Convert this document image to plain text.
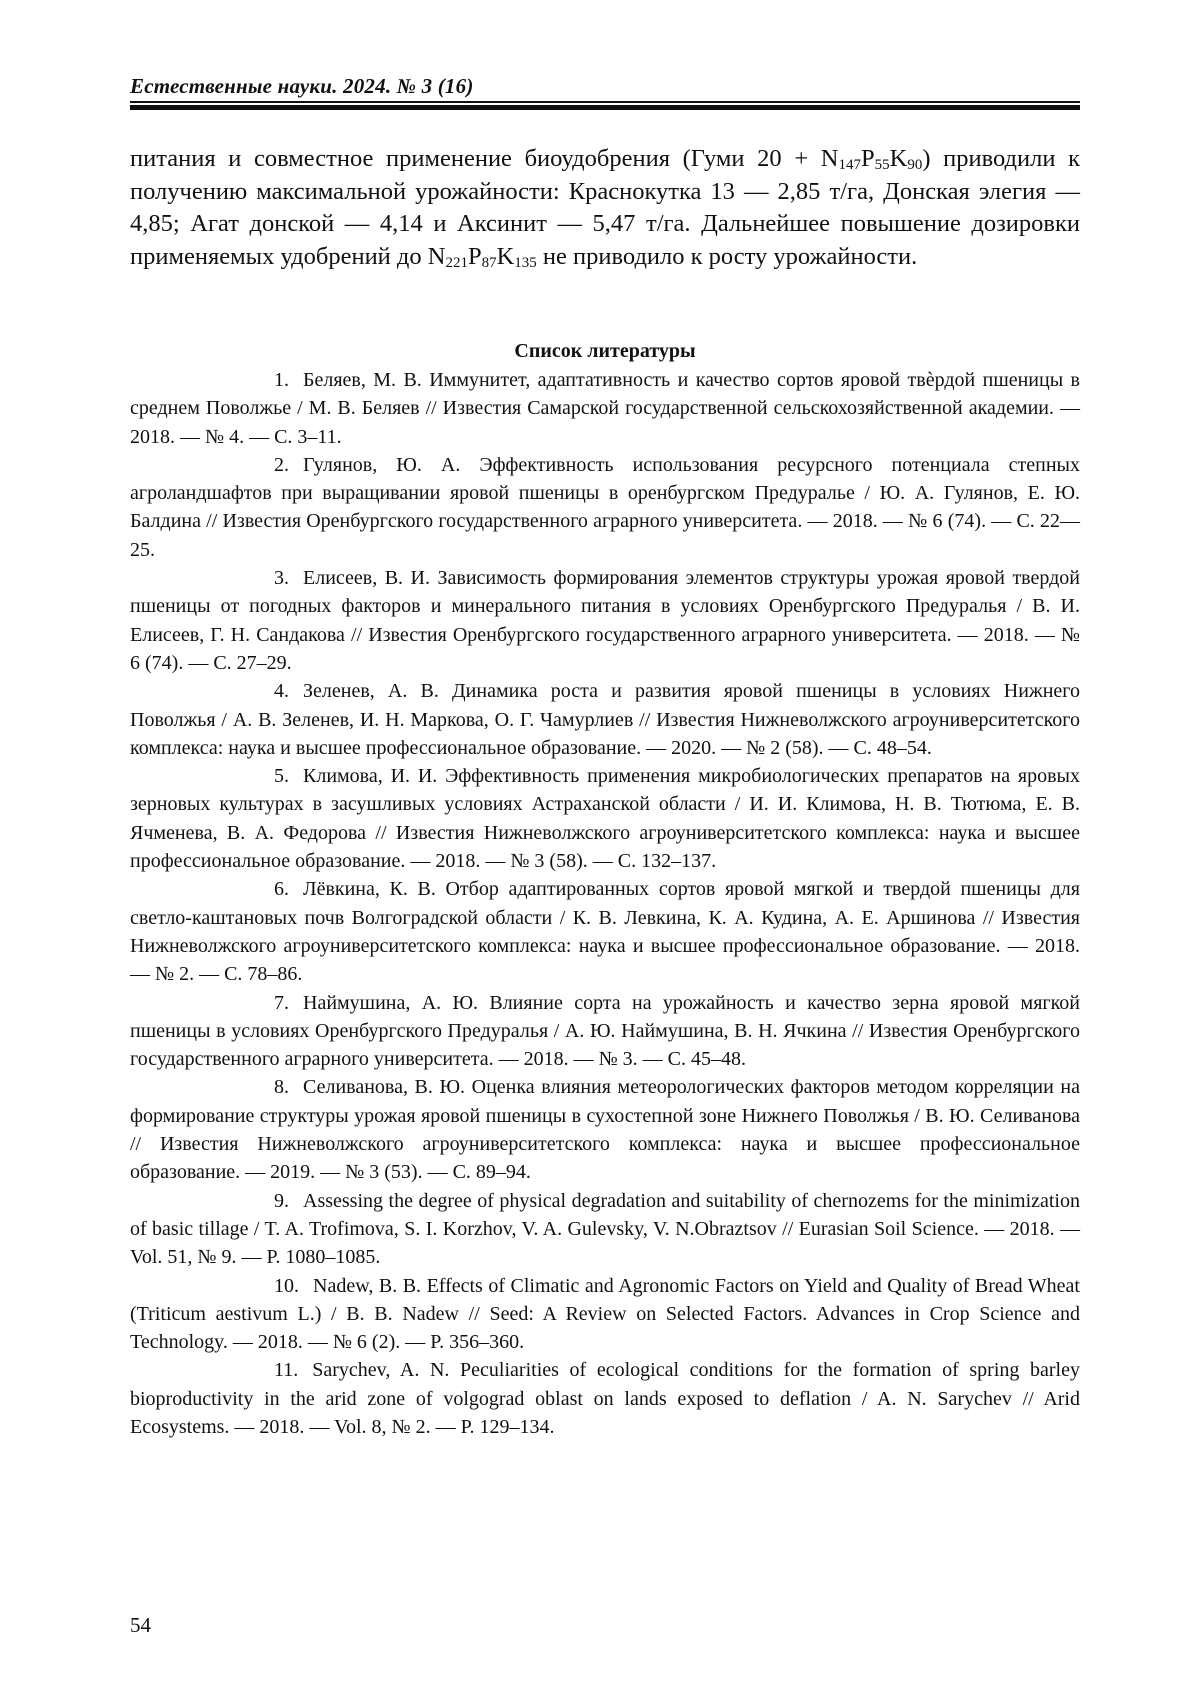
Естественные науки. 2024. № 3 (16)

питания и совместное применение биоудобрения (Гуми $20 + N_{147}P_{55}K_{90}$) приводили к получению максимальной урожайности: Краснокутка 13 — 2,85 т/га, Донская элегия — 4,85; Агат донской — 4,14 и Аксинит — 5,47 т/га. Дальнейшее повышение дозировки применяемых удобрений до $N_{221}P_{87}K_{135}$ не приводило к росту урожайности.

Список литературы
1. Беляев, М. В. Иммунитет, адаптативность и качество сортов яровой твѐрдой пшеницы в среднем Поволжье / М. В. Беляев // Известия Самарской государственной сельскохозяйственной академии. — 2018. — № 4. — С. 3–11.
2. Гулянов, Ю. А. Эффективность использования ресурсного потенциала степных агроландшафтов при выращивании яровой пшеницы в оренбургском Предуралье / Ю. А. Гулянов, Е. Ю. Балдина // Известия Оренбургского государственного аграрного университета. — 2018. — № 6 (74). — С. 22—25.
3. Елисеев, В. И. Зависимость формирования элементов структуры урожая яровой твердой пшеницы от погодных факторов и минерального питания в условиях Оренбургского Предуралья / В. И. Елисеев, Г. Н. Сандакова // Известия Оренбургского государственного аграрного университета. — 2018. — № 6 (74). — С. 27–29.
4. Зеленев, А. В. Динамика роста и развития яровой пшеницы в условиях Нижнего Поволжья / А. В. Зеленев, И. Н. Маркова, О. Г. Чамурлиев // Известия Нижневолжского агроуниверситетского комплекса: наука и высшее профессиональное образование. — 2020. — № 2 (58). — С. 48–54.
5. Климова, И. И. Эффективность применения микробиологических препаратов на яровых зерновых культурах в засушливых условиях Астраханской области / И. И. Климова, Н. В. Тютюма, Е. В. Ячменева, В. А. Федорова // Известия Нижневолжского агроуниверситетского комплекса: наука и высшее профессиональное образование. — 2018. — № 3 (58). — С. 132–137.
6. Лёвкина, К. В. Отбор адаптированных сортов яровой мягкой и твердой пшеницы для светло-каштановых почв Волгоградской области / К. В. Левкина, К. А. Кудина, А. Е. Аршинова // Известия Нижневолжского агроуниверситетского комплекса: наука и высшее профессиональное образование. — 2018. — № 2. — С. 78–86.
7. Наймушина, А. Ю. Влияние сорта на урожайность и качество зерна яровой мягкой пшеницы в условиях Оренбургского Предуралья / А. Ю. Наймушина, В. Н. Ячкина // Известия Оренбургского государственного аграрного университета. — 2018. — № 3. — С. 45–48.
8. Селиванова, В. Ю. Оценка влияния метеорологических факторов методом корреляции на формирование структуры урожая яровой пшеницы в сухостепной зоне Нижнего Поволжья / В. Ю. Селиванова // Известия Нижневолжского агроуниверситетского комплекса: наука и высшее профессиональное образование. — 2019. — № 3 (53). — С. 89–94.
9. Assessing the degree of physical degradation and suitability of chernozems for the minimization of basic tillage / T. A. Trofimova, S. I. Korzhov, V. A. Gulevsky, V. N.Obraztsov // Eurasian Soil Science. — 2018. — Vol. 51, № 9. — P. 1080–1085.
10. Nadew, B. B. Effects of Climatic and Agronomic Factors on Yield and Quality of Bread Wheat (Triticum aestivum L.) / B. B. Nadew // Seed: A Review on Selected Factors. Advances in Crop Science and Technology. — 2018. — № 6 (2). — P. 356–360.
11. Sarychev, A. N. Peculiarities of ecological conditions for the formation of spring barley bioproductivity in the arid zone of volgograd oblast on lands exposed to deflation / A. N. Sarychev // Arid Ecosystems. — 2018. — Vol. 8, № 2. — P. 129–134.
54
